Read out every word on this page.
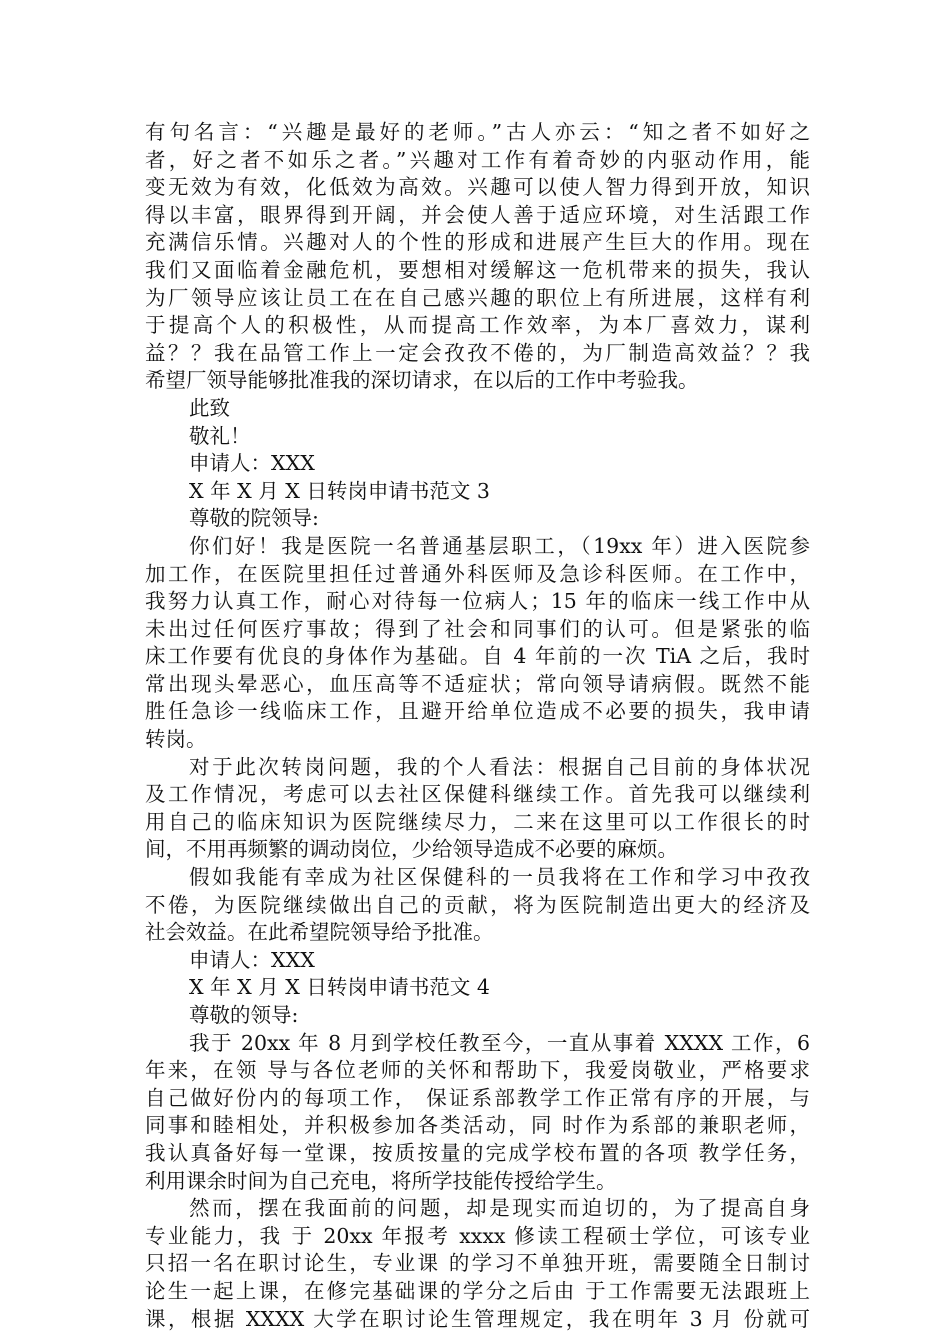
有句名言：“兴趣是最好的老师。”古人亦云：“知之者不如好之
者，好之者不如乐之者。”兴趣对工作有着奇妙的内驱动作用，能
变无效为有效，化低效为高效。兴趣可以使人智力得到开放，知识
得以丰富，眼界得到开阔，并会使人善于适应环境，对生活跟工作
充满信乐情。兴趣对人的个性的形成和进展产生巨大的作用。现在
我们又面临着金融危机，要想相对缓解这一危机带来的损失，我认
为厂领导应该让员工在在自己感兴趣的职位上有所进展，这样有利
于提高个人的积极性，从而提高工作效率，为本厂喜效力，谋利
益？？我在品管工作上一定会孜孜不倦的，为厂制造高效益？？我
希望厂领导能够批准我的深切请求，在以后的工作中考验我。
此致
敬礼！
申请人：XXX
X 年 X 月 X 日转岗申请书范文 3
尊敬的院领导:
你们好！我是医院一名普通基层职工，（19xx 年）进入医院参
加工作，在医院里担任过普通外科医师及急诊科医师。在工作中，
我努力认真工作，耐心对待每一位病人；15 年的临床一线工作中从
未出过任何医疗事故；得到了社会和同事们的认可。但是紧张的临
床工作要有优良的身体作为基础。自 4 年前的一次 TiA 之后，我时
常出现头晕恶心，血压高等不适症状；常向领导请病假。既然不能
胜任急诊一线临床工作，且避开给单位造成不必要的损失，我申请
转岗。
对于此次转岗问题，我的个人看法：根据自己目前的身体状况
及工作情况，考虑可以去社区保健科继续工作。首先我可以继续利
用自己的临床知识为医院继续尽力，二来在这里可以工作很长的时
间，不用再频繁的调动岗位，少给领导造成不必要的麻烦。
假如我能有幸成为社区保健科的一员我将在工作和学习中孜孜
不倦，为医院继续做出自己的贡献，将为医院制造出更大的经济及
社会效益。在此希望院领导给予批准。
申请人：XXX
X 年 X 月 X 日转岗申请书范文 4
尊敬的领导:
我于 20xx 年 8 月到学校任教至今，一直从事着 XXXX 工作，6
年来，在领 导与各位老师的关怀和帮助下，我爱岗敬业，严格要求
自己做好份内的每项工作， 保证系部教学工作正常有序的开展，与
同事和睦相处，并积极参加各类活动，同 时作为系部的兼职老师，
我认真备好每一堂课，按质按量的完成学校布置的各项 教学任务，
利用课余时间为自己充电，将所学技能传授给学生。
然而，摆在我面前的问题，却是现实而迫切的，为了提高自身
专业能力，我 于 20xx 年报考 xxxx 修读工程硕士学位，可该专业
只招一名在职讨论生，专业课 的学习不单独开班，需要随全日制讨
论生一起上课，在修完基础课的学分之后由 于工作需要无法跟班上
课，根据 XXXX 大学在职讨论生管理规定，我在明年 3 月 份就可
